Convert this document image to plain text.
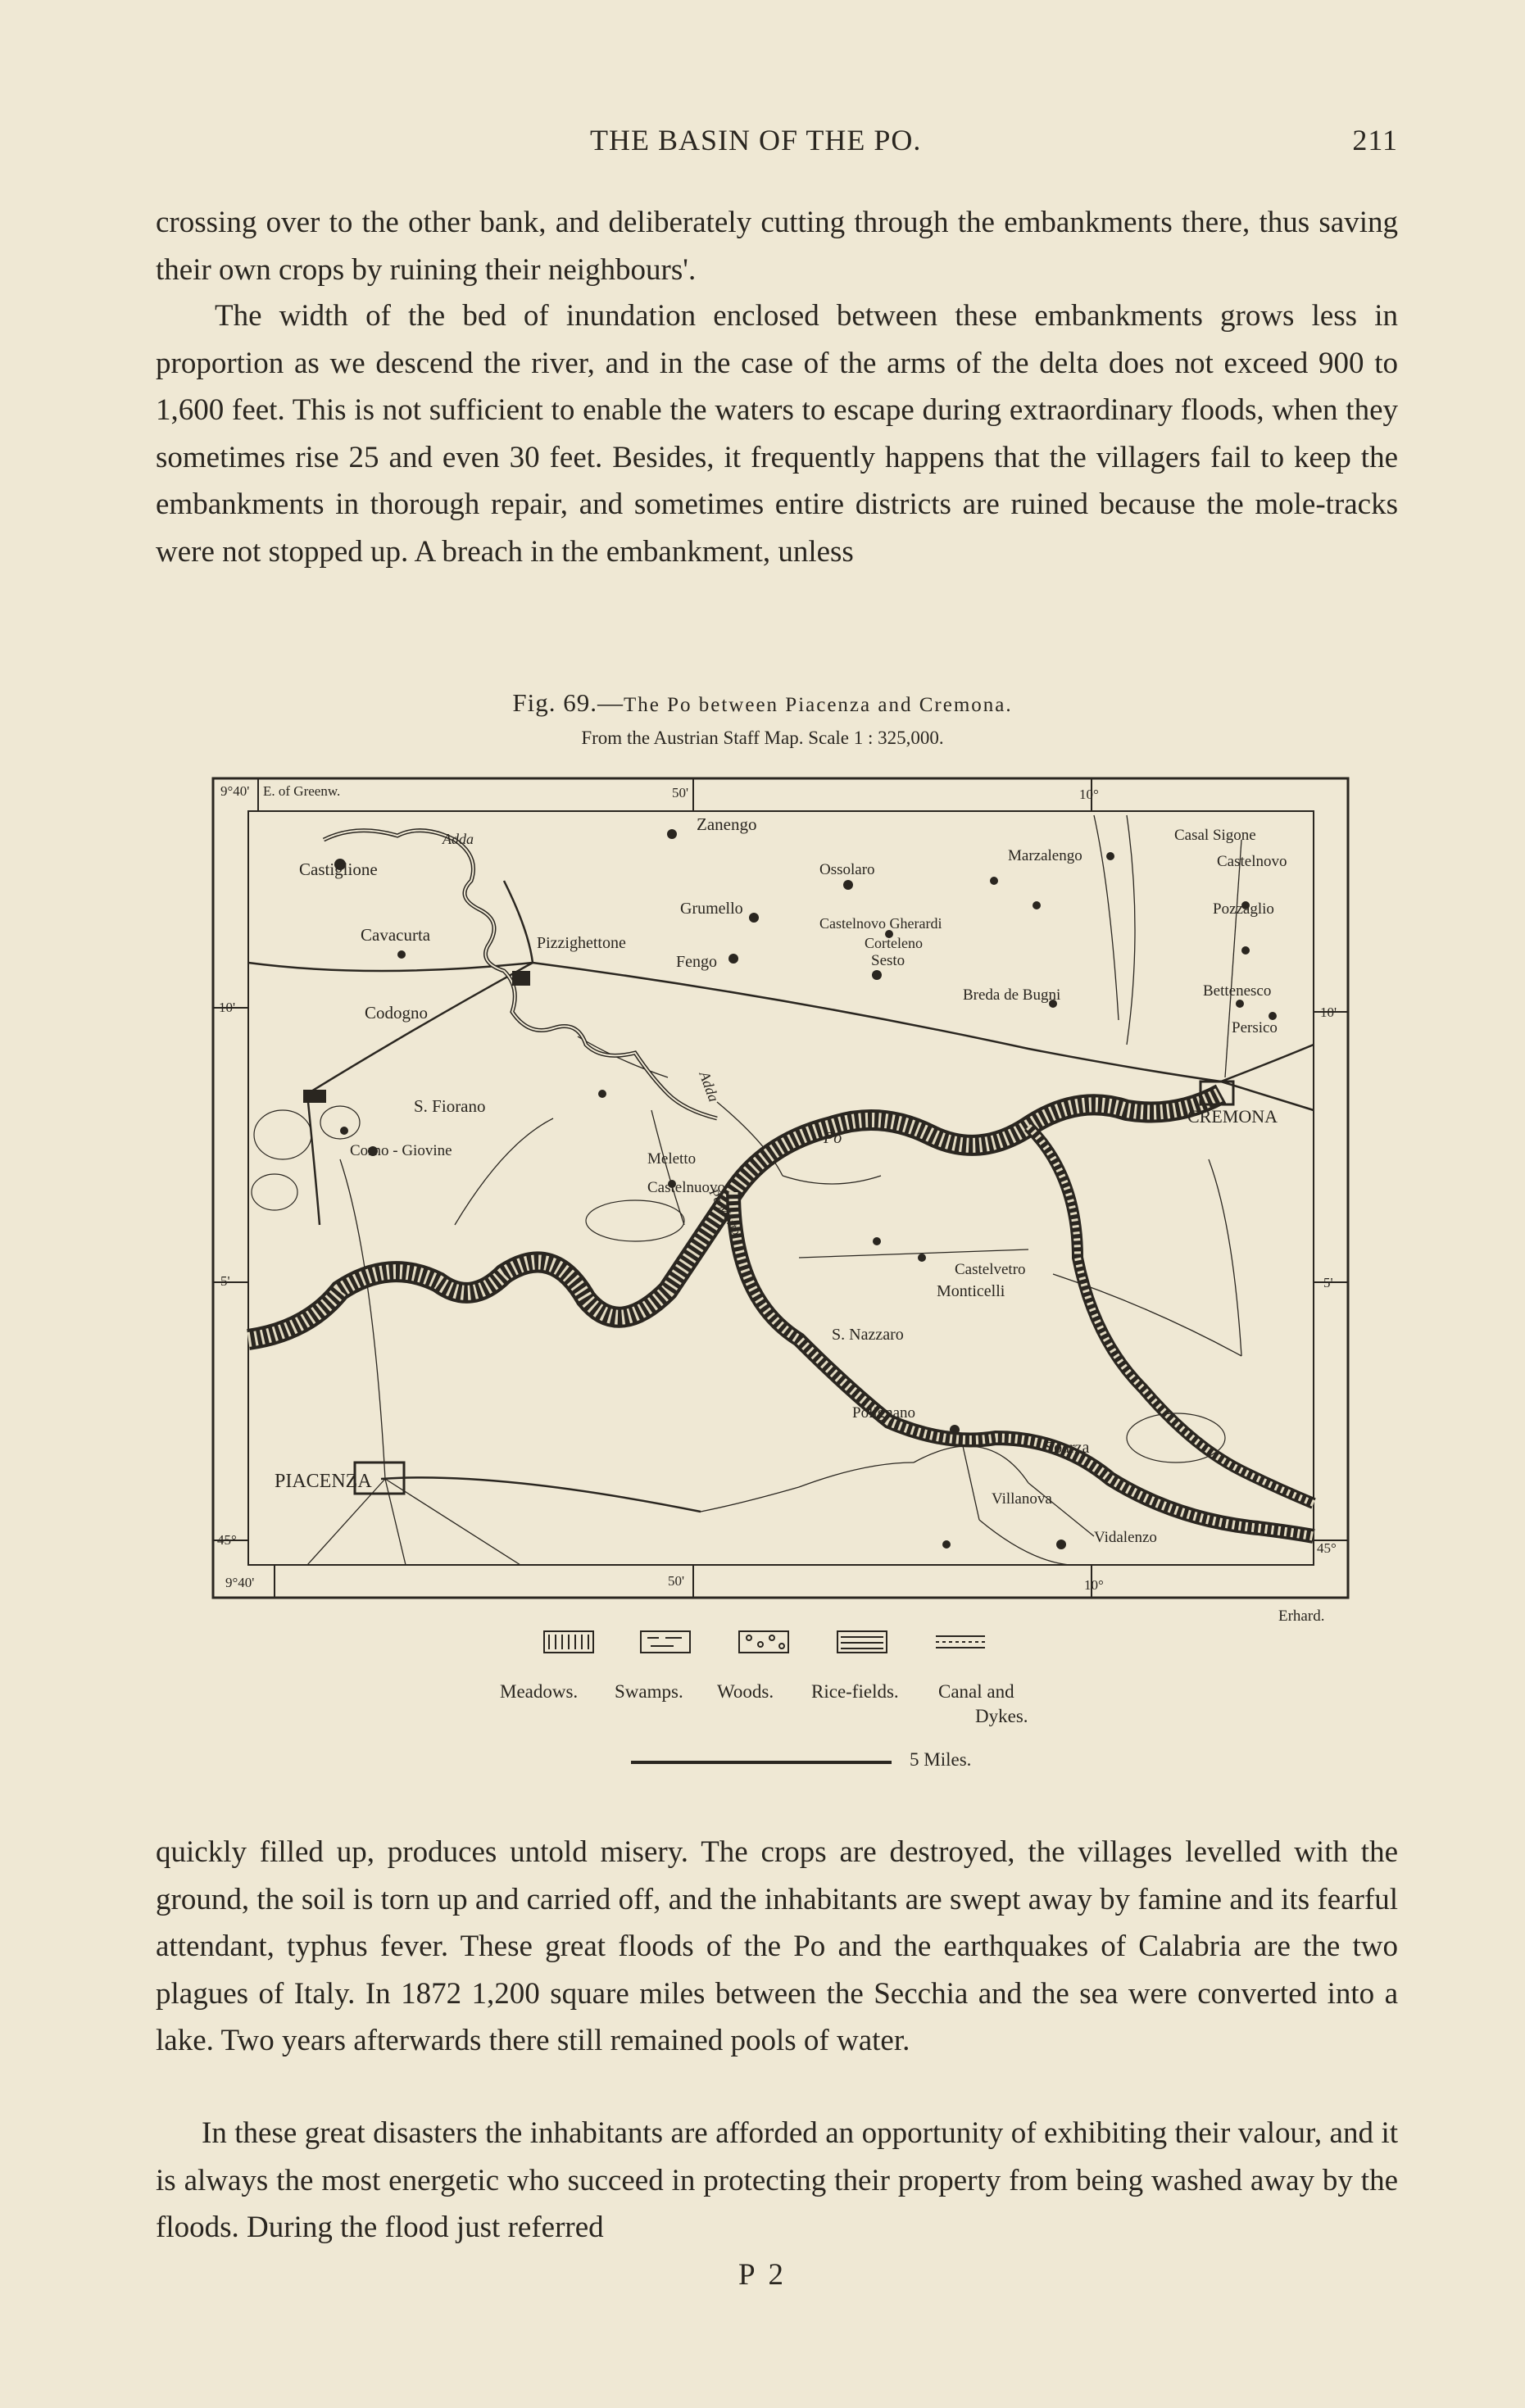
THE BASIN OF THE PO.	211

crossing over to the other bank, and deliberately cutting through the embankments there, thus saving their own crops by ruining their neighbours'.

The width of the bed of inundation enclosed between these embankments grows less in proportion as we descend the river, and in the case of the arms of the delta does not exceed 900 to 1,600 feet. This is not sufficient to enable the waters to escape during extraordinary floods, when they sometimes rise 25 and even 30 feet. Besides, it frequently happens that the villagers fail to keep the embankments in thorough repair, and sometimes entire districts are ruined because the mole-tracks were not stopped up. A breach in the embankment, unless

Fig. 69.—The Po between Piacenza and Cremona.
From the Austrian Staff Map. Scale 1 : 325,000.
9°40' E. of Greenw.	50'	10°
9°40'	50'	10°
10'
5'
45°
10'
5'
45°
Castiglione
Cavacurta
Codogno
Pizzighettone
Zanengo
Grumello
Fengo
Ossolaro
Castelnovo Gherardi
Corteleno
Sesto
Marzalengo
Breda de Bugni
Casal Sigone
Castelnovo
Pozzaglio
Bettenesco
Persico
CREMONA
S. Fiorano
Corno - Giovine	Meletto
Castelnuovo
Castelvetro
Monticelli
S. Nazzaro
Polignano
Soarza
Villanova
Vidalenzo
PIACENZA
Adda
Adda
Po
Po Morto
Erhard.
Meadows. Swamps. Woods. Rice-fields. Canal and
Dykes.
5 Miles.

quickly filled up, produces untold misery. The crops are destroyed, the villages levelled with the ground, the soil is torn up and carried off, and the inhabitants are swept away by famine and its fearful attendant, typhus fever. These great floods of the Po and the earthquakes of Calabria are the two plagues of Italy. In 1872 1,200 square miles between the Secchia and the sea were converted into a lake. Two years afterwards there still remained pools of water.

In these great disasters the inhabitants are afforded an opportunity of exhibiting their valour, and it is always the most energetic who succeed in protecting their property from being washed away by the floods. During the flood just referred

P 2
